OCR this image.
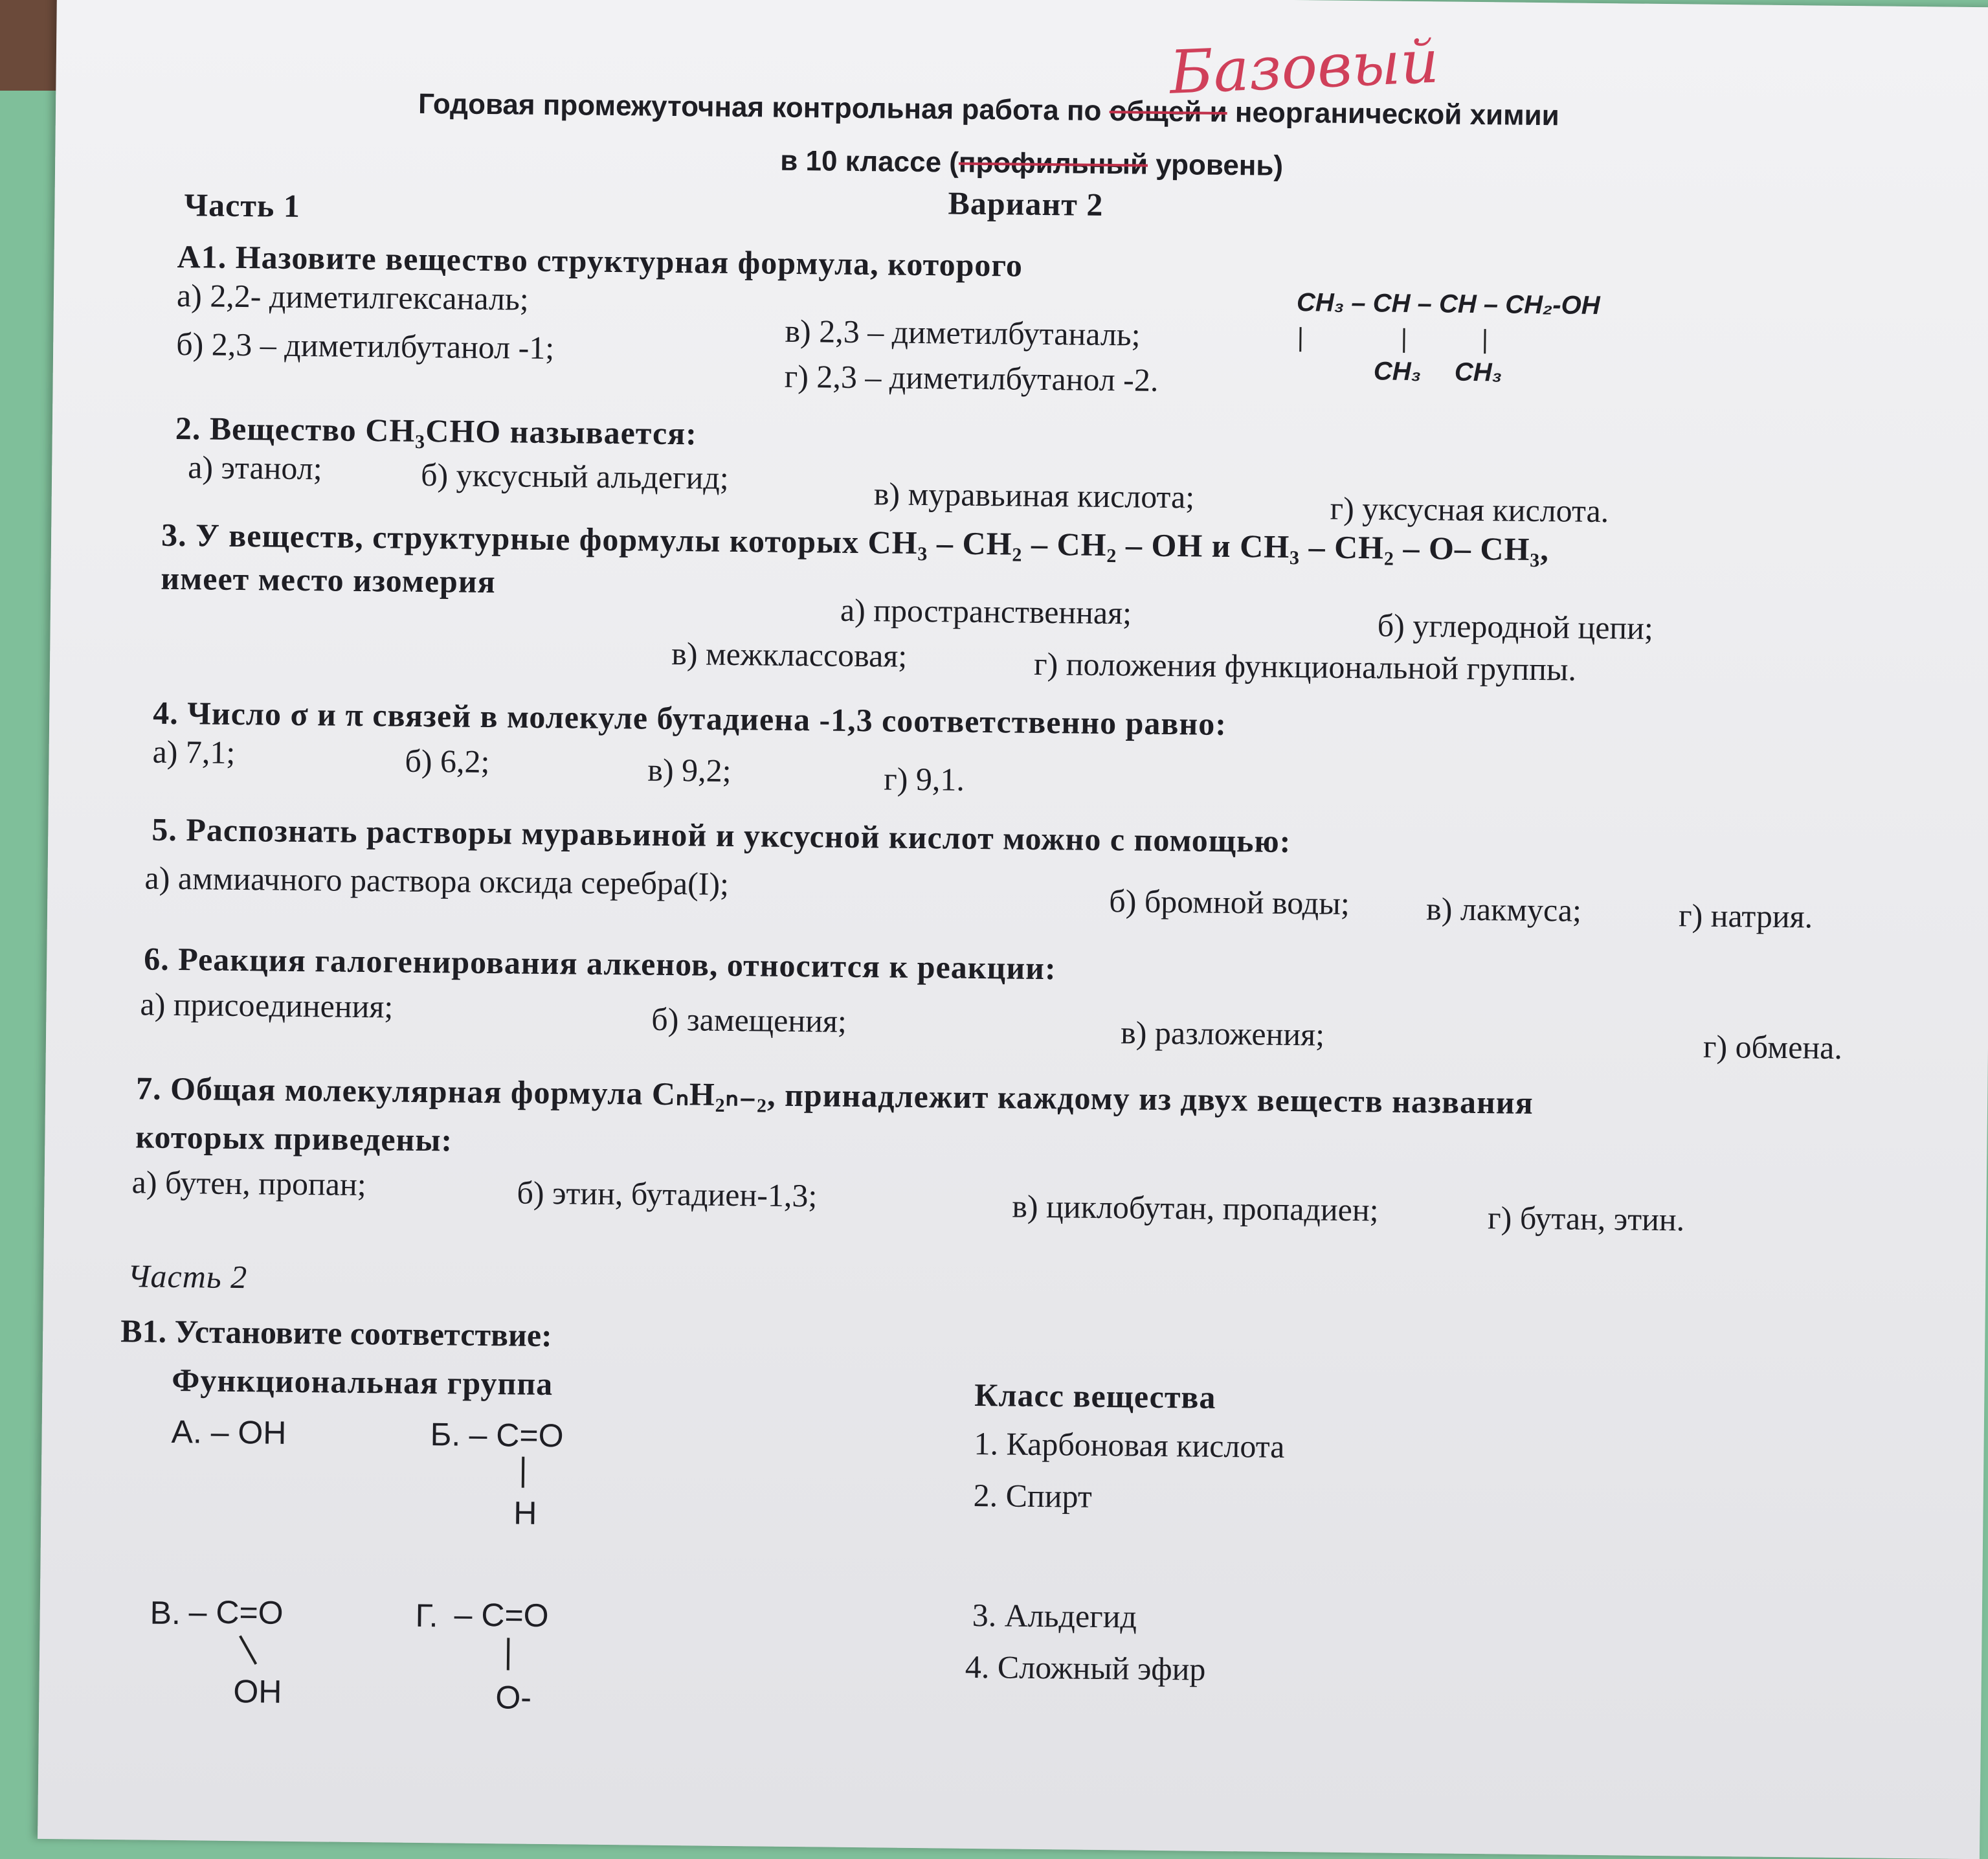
Базовый
Годовая промежуточная контрольная работа по общей и неорганической химии
в 10 классе (профильный уровень)
Часть 1	Вариант 2
А1. Назовите вещество структурная формула, которого
а) 2,2- диметилгексаналь;
б) 2,3 – диметилбутанол -1;	в) 2,3 – диметилбутаналь;
г) 2,3 – диметилбутанол -2.
CH₃ – CH – CH – CH₂-OH
CH₃ CH₃
2. Вещество CH₃CHO называется:
а) этанол;	б) уксусный альдегид;	в) муравьиная кислота;	г) уксусная кислота.
3. У веществ, структурные формулы которых CH₃ – CH₂ – CH₂ – OH и CH₃ – CH₂ – O– CH₃,
имеет место изомерия
а) пространственная;	б) углеродной цепи;
в) межклассовая;	г) положения функциональной группы.
4. Число σ и π связей в молекуле бутадиена -1,3 соответственно равно:
а) 7,1;	б) 6,2;	в) 9,2;	г) 9,1.
5. Распознать растворы муравьиной и уксусной кислот можно с помощью:
а) аммиачного раствора оксида серебра(I);
б) бромной воды; в) лакмуса;	г) натрия.
6. Реакция галогенирования алкенов, относится к реакции:
а) присоединения;	б) замещения;	в) разложения;	г) обмена.
7. Общая молекулярная формула CₙH₂ₙ₋₂, принадлежит каждому из двух веществ названия
которых приведены:
а) бутен, пропан;	б) этин, бутадиен-1,3;	в) циклобутан, пропадиен;	г) бутан, этин.
Часть 2
В1. Установите соответствие:
Функциональная группа	Класс вещества
А. – OH	Б. – C=O
H
В. – C=O
OH
Г. – C=O
O-
1. Карбоновая кислота
2. Спирт
3. Альдегид
4. Сложный эфир
